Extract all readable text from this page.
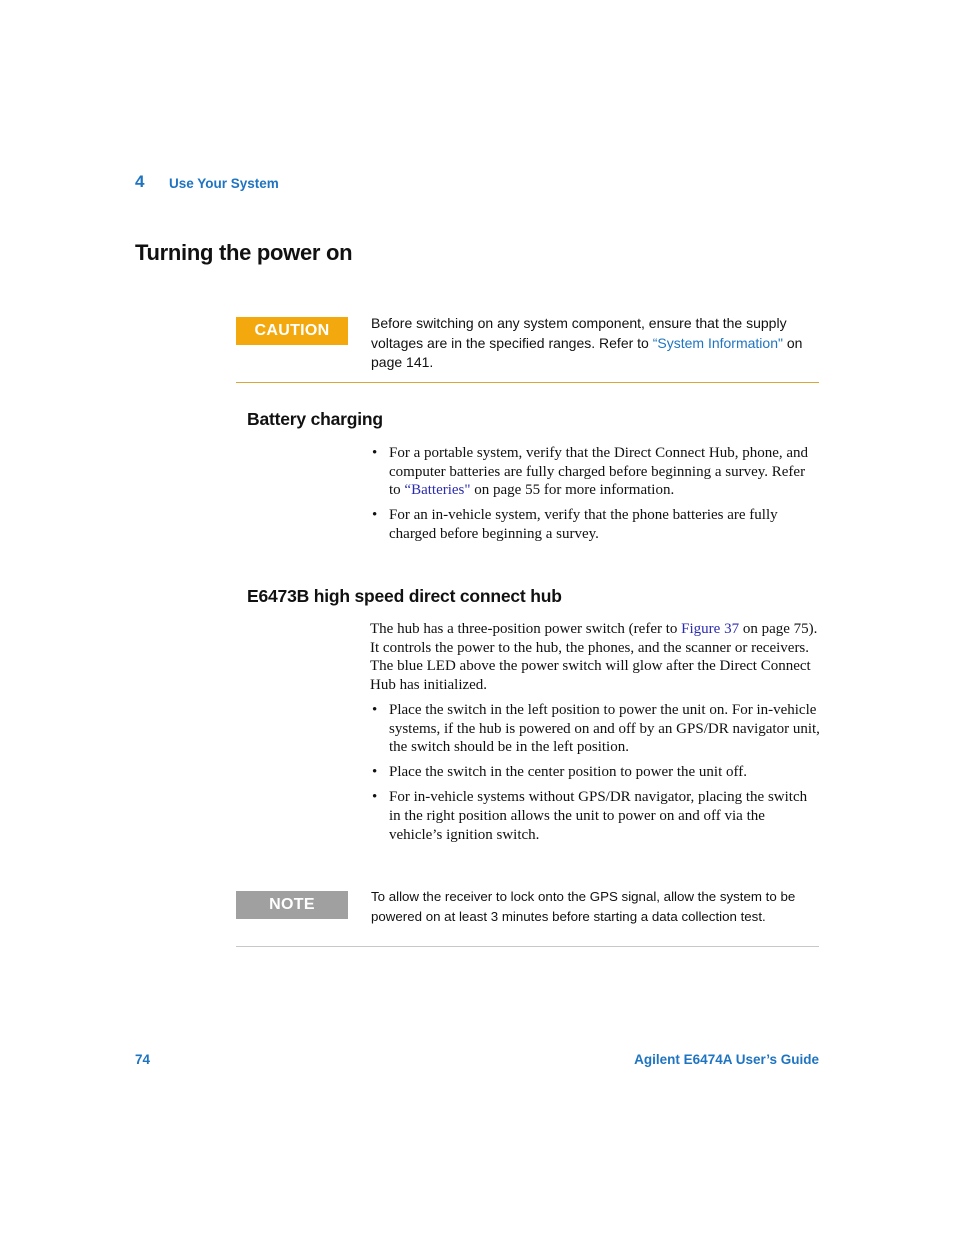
4 Use Your System
Turning the power on
CAUTION	Before switching on any system component, ensure that the supply voltages are in the specified ranges. Refer to “System Information" on page 141.
Battery charging
• For a portable system, verify that the Direct Connect Hub, phone, and computer batteries are fully charged before beginning a survey. Refer to “Batteries" on page 55 for more information.
• For an in-vehicle system, verify that the phone batteries are fully charged before beginning a survey.
E6473B high speed direct connect hub

The hub has a three-position power switch (refer to Figure 37 on page 75). It controls the power to the hub, the phones, and the scanner or receivers. The blue LED above the power switch will glow after the Direct Connect Hub has initialized.

• Place the switch in the left position to power the unit on. For in-vehicle systems, if the hub is powered on and off by an GPS/DR navigator unit, the switch should be in the left position.
• Place the switch in the center position to power the unit off.
• For in-vehicle systems without GPS/DR navigator, placing the switch in the right position allows the unit to power on and off via the vehicle’s ignition switch.
NOTE	To allow the receiver to lock onto the GPS signal, allow the system to be powered on at least 3 minutes before starting a data collection test.
74	Agilent E6474A User’s Guide
